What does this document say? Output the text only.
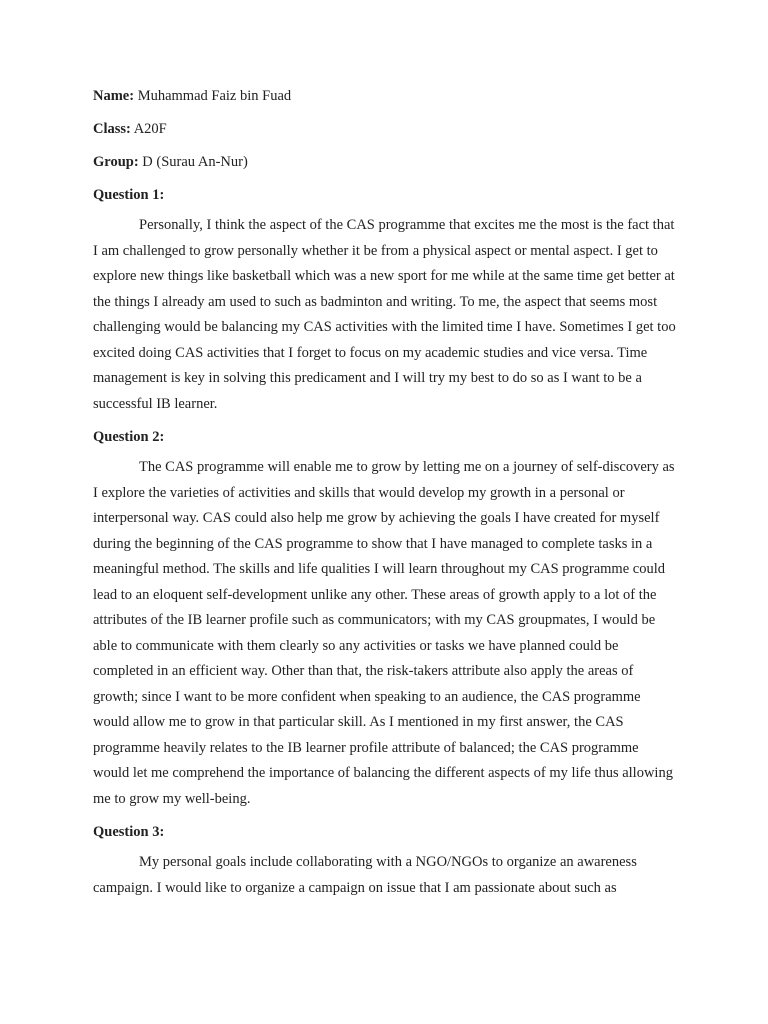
Name: Muhammad Faiz bin Fuad
Class: A20F
Group: D (Surau An-Nur)
Question 1:

Personally, I think the aspect of the CAS programme that excites me the most is the fact that I am challenged to grow personally whether it be from a physical aspect or mental aspect. I get to explore new things like basketball which was a new sport for me while at the same time get better at the things I already am used to such as badminton and writing. To me, the aspect that seems most challenging would be balancing my CAS activities with the limited time I have. Sometimes I get too excited doing CAS activities that I forget to focus on my academic studies and vice versa. Time management is key in solving this predicament and I will try my best to do so as I want to be a successful IB learner.

Question 2:

The CAS programme will enable me to grow by letting me on a journey of self-discovery as I explore the varieties of activities and skills that would develop my growth in a personal or interpersonal way. CAS could also help me grow by achieving the goals I have created for myself during the beginning of the CAS programme to show that I have managed to complete tasks in a meaningful method. The skills and life qualities I will learn throughout my CAS programme could lead to an eloquent self-development unlike any other. These areas of growth apply to a lot of the attributes of the IB learner profile such as communicators; with my CAS groupmates, I would be able to communicate with them clearly so any activities or tasks we have planned could be completed in an efficient way. Other than that, the risk-takers attribute also apply the areas of growth; since I want to be more confident when speaking to an audience, the CAS programme would allow me to grow in that particular skill. As I mentioned in my first answer, the CAS programme heavily relates to the IB learner profile attribute of balanced; the CAS programme would let me comprehend the importance of balancing the different aspects of my life thus allowing me to grow my well-being.

Question 3:

My personal goals include collaborating with a NGO/NGOs to organize an awareness campaign. I would like to organize a campaign on issue that I am passionate about such as
